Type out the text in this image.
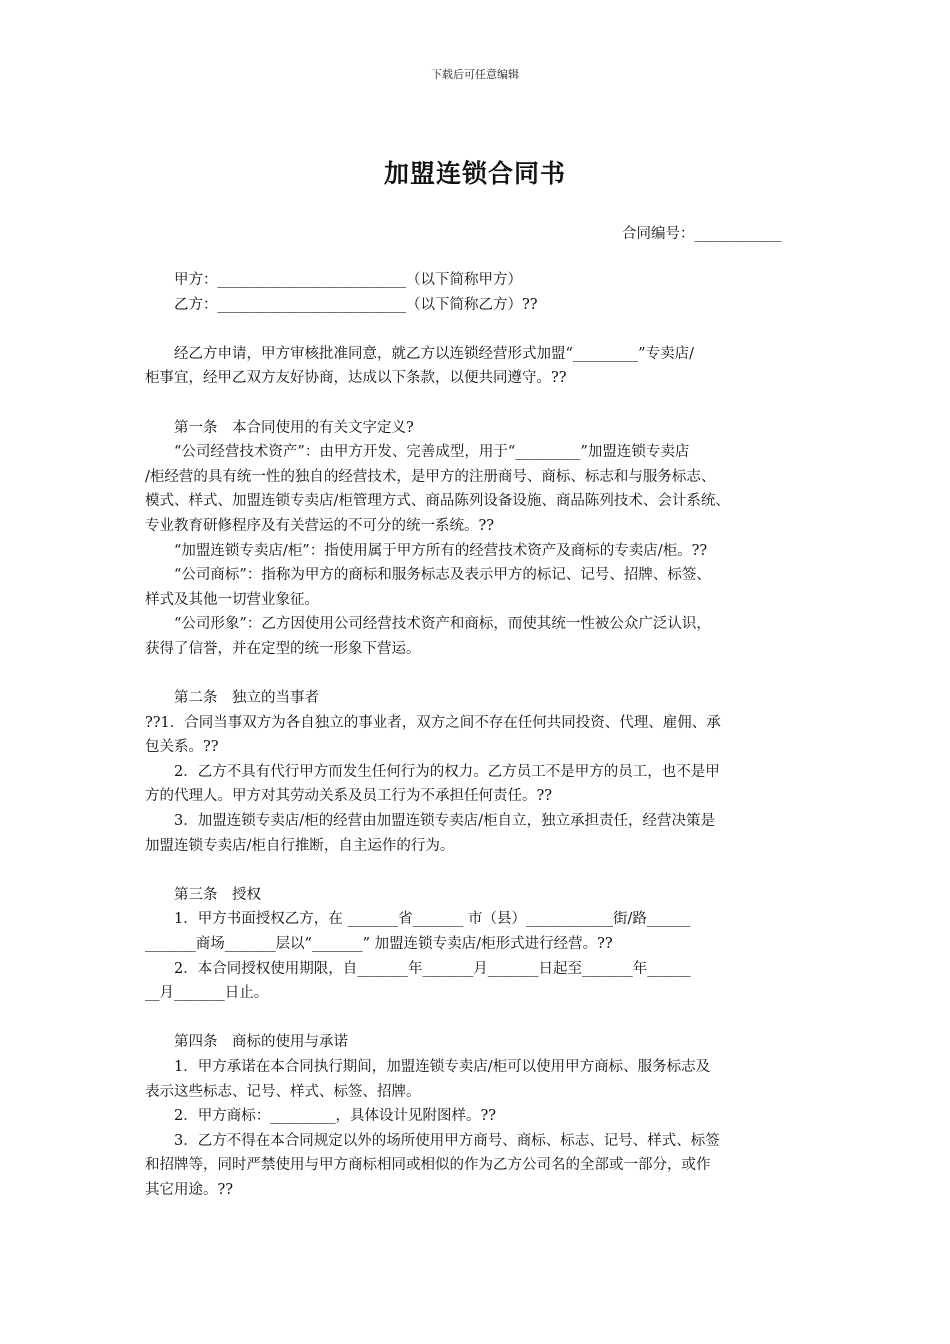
下载后可任意编辑
加盟连锁合同书
合同编号：____________

甲方：__________________________（以下简称甲方）

乙方：__________________________（以下简称乙方）??

经乙方申请，甲方审核批准同意，就乙方以连锁经营形式加盟“_________”专卖店/

柜事宜，经甲乙双方友好协商，达成以下条款，以便共同遵守。??

第一条　本合同使用的有关文字定义?

“公司经营技术资产”：由甲方开发、完善成型，用于“_________”加盟连锁专卖店

/柜经营的具有统一性的独自的经营技术，是甲方的注册商号、商标、标志和与服务标志、

模式、样式、加盟连锁专卖店/柜管理方式、商品陈列设备设施、商品陈列技术、会计系统、

专业教育研修程序及有关营运的不可分的统一系统。??

“加盟连锁专卖店/柜”：指使用属于甲方所有的经营技术资产及商标的专卖店/柜。??

“公司商标”：指称为甲方的商标和服务标志及表示甲方的标记、记号、招牌、标签、

样式及其他一切营业象征。

“公司形象”：乙方因使用公司经营技术资产和商标，而使其统一性被公众广泛认识，

获得了信誉，并在定型的统一形象下营运。

第二条　独立的当事者

??1．合同当事双方为各自独立的事业者，双方之间不存在任何共同投资、代理、雇佣、承

包关系。??

2．乙方不具有代行甲方而发生任何行为的权力。乙方员工不是甲方的员工，也不是甲

方的代理人。甲方对其劳动关系及员工行为不承担任何责任。??

3．加盟连锁专卖店/柜的经营由加盟连锁专卖店/柜自立，独立承担责任，经营决策是

加盟连锁专卖店/柜自行推断，自主运作的行为。

第三条　授权

1．甲方书面授权乙方，在 _______省_______ 市（县）____________街/路______

_______商场_______层以“_______” 加盟连锁专卖店/柜形式进行经营。??

2．本合同授权使用期限，自_______年_______月_______日起至_______年______

__月_______日止。

第四条　商标的使用与承诺

1．甲方承诺在本合同执行期间，加盟连锁专卖店/柜可以使用甲方商标、服务标志及

表示这些标志、记号、样式、标签、招牌。

2．甲方商标：_________，具体设计见附图样。??

3．乙方不得在本合同规定以外的场所使用甲方商号、商标、标志、记号、样式、标签

和招牌等，同时严禁使用与甲方商标相同或相似的作为乙方公司名的全部或一部分，或作

其它用途。??
